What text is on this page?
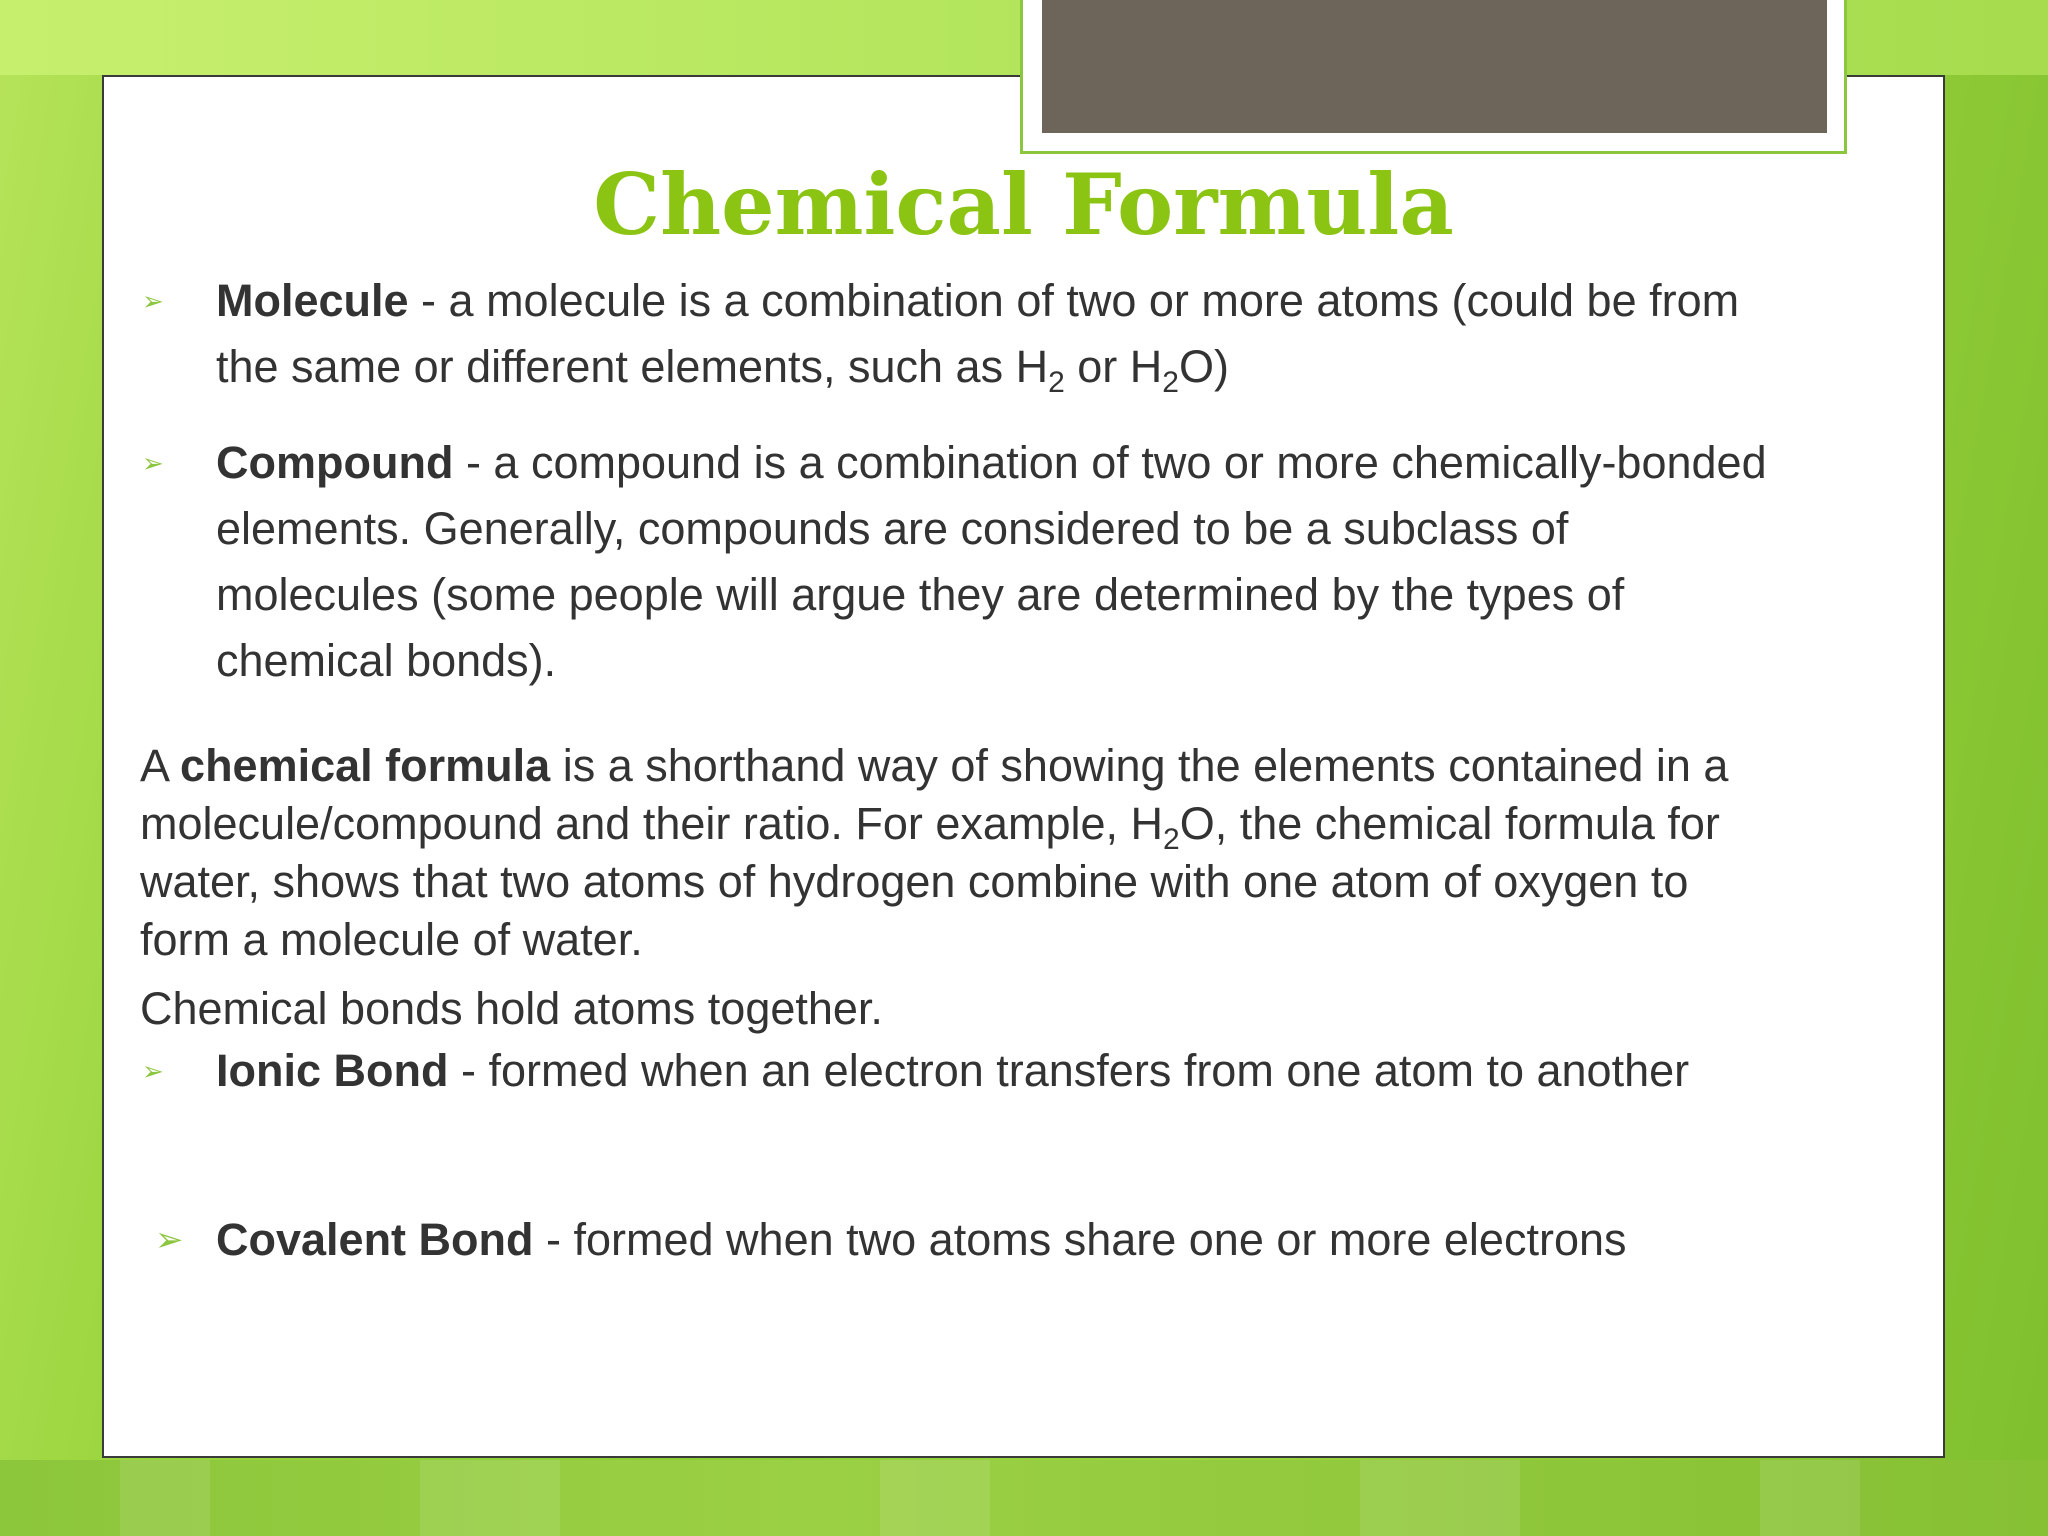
Chemical Formula
➢ Molecule - a molecule is a combination of two or more atoms (could be from the same or different elements, such as $H_2$ or $H_2O$)

➢ Compound - a compound is a combination of two or more chemically-bonded elements. Generally, compounds are considered to be a subclass of molecules (some people will argue they are determined by the types of chemical bonds).

A chemical formula is a shorthand way of showing the elements contained in a molecule/compound and their ratio. For example, $H_2O$, the chemical formula for water, shows that two atoms of hydrogen combine with one atom of oxygen to form a molecule of water.

Chemical bonds hold atoms together.

➢ Ionic Bond - formed when an electron transfers from one atom to another

➢ Covalent Bond - formed when two atoms share one or more electrons
